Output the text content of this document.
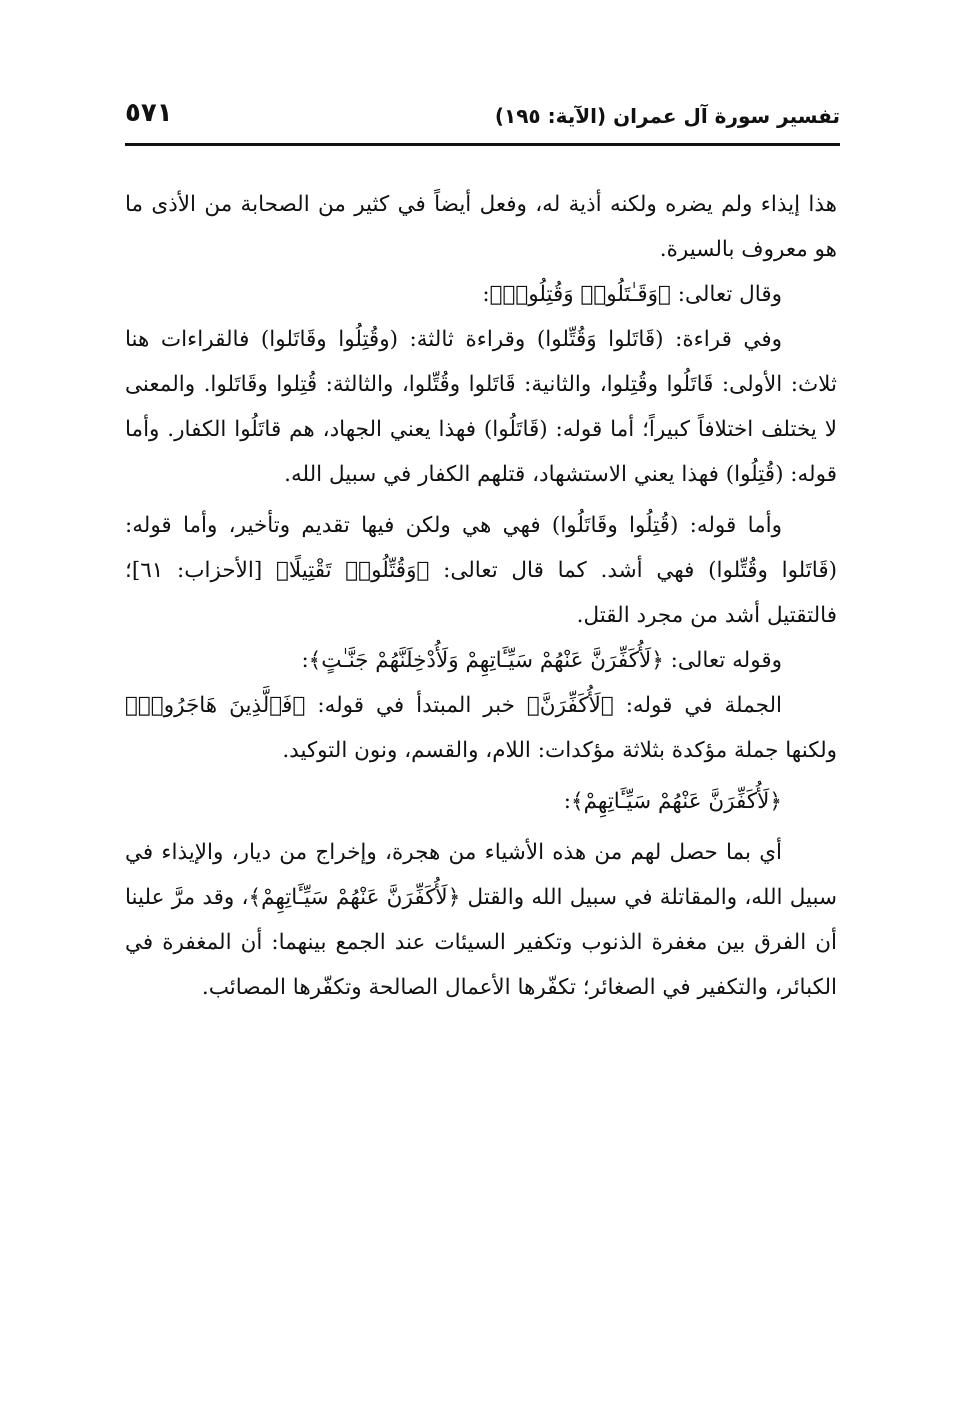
تفسير سورة آل عمران (الآية: ١٩٥)
٥٧١

هذا إيذاء ولم يضره ولكنه أذية له، وفعل أيضاً في كثير من الصحابة من الأذى ما هو معروف بالسيرة.

وقال تعالى: ﴿وَقَـٰتَلُوا۟ وَقُتِلُوا۟﴾:

وفي قراءة: (قَاتَلوا وَقُتِّلوا) وقراءة ثالثة: (وقُتِلُوا وقَاتَلوا) فالقراءات هنا ثلاث: الأولى: قَاتَلُوا وقُتِلوا، والثانية: قَاتَلوا وقُتِّلوا، والثالثة: قُتِلوا وقَاتَلوا. والمعنى لا يختلف اختلافاً كبيراً؛ أما قوله: (قَاتَلُوا) فهذا يعني الجهاد، هم قاتَلُوا الكفار. وأما قوله: (قُتِلُوا) فهذا يعني الاستشهاد، قتلهم الكفار في سبيل الله.

وأما قوله: (قُتِلُوا وقَاتَلُوا) فهي هي ولكن فيها تقديم وتأخير، وأما قوله: (قَاتَلوا وقُتِّلوا) فهي أشد. كما قال تعالى: ﴿وَقُتِّلُوا۟ تَقْتِيلًا﴾ [الأحزاب: ٦١]؛ فالتقتيل أشد من مجرد القتل.

وقوله تعالى: ﴿لَأُكَفِّرَنَّ عَنْهُمْ سَيِّـَٔاتِهِمْ وَلَأُدْخِلَنَّهُمْ جَنَّـٰتٍ﴾:

الجملة في قوله: ﴿لَأُكَفِّرَنَّ﴾ خبر المبتدأ في قوله: ﴿فَٱلَّذِينَ هَاجَرُوا۟﴾ ولكنها جملة مؤكدة بثلاثة مؤكدات: اللام، والقسم، ونون التوكيد.

﴿لَأُكَفِّرَنَّ عَنْهُمْ سَيِّـَٔاتِهِمْ﴾:

أي بما حصل لهم من هذه الأشياء من هجرة، وإخراج من ديار، والإيذاء في سبيل الله، والمقاتلة في سبيل الله والقتل ﴿لَأُكَفِّرَنَّ عَنْهُمْ سَيِّـَٔاتِهِمْ﴾، وقد مرَّ علينا أن الفرق بين مغفرة الذنوب وتكفير السيئات عند الجمع بينهما: أن المغفرة في الكبائر، والتكفير في الصغائر؛ تكفّرها الأعمال الصالحة وتكفّرها المصائب.
